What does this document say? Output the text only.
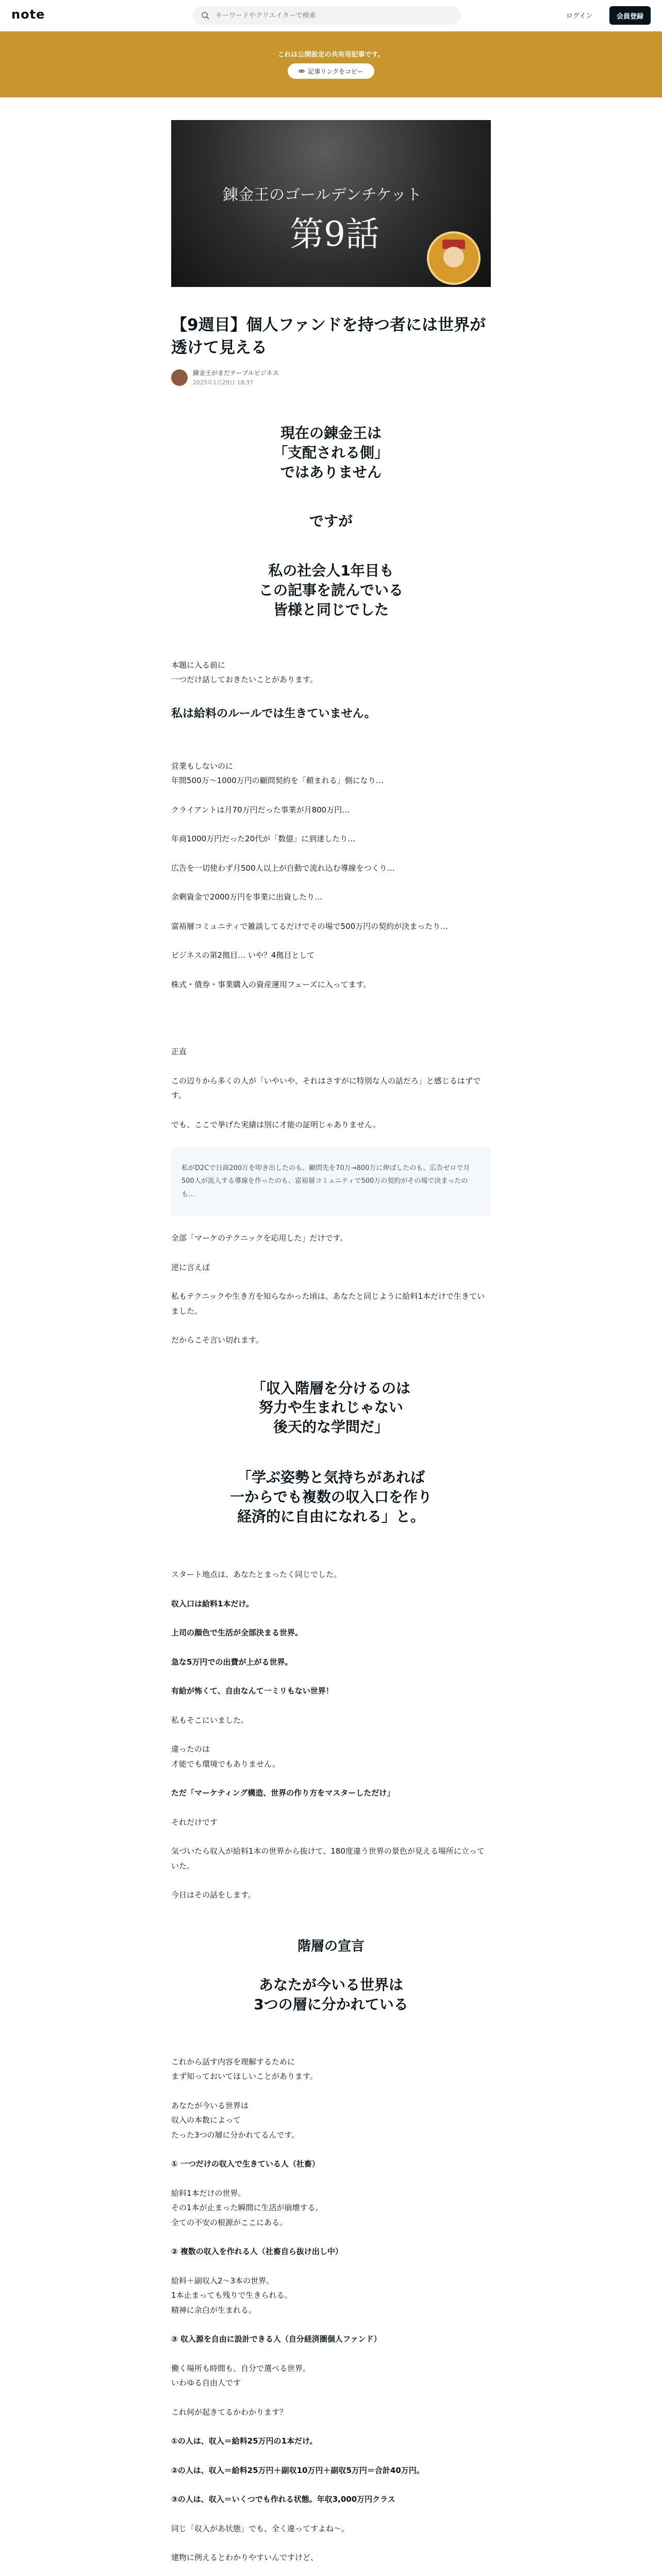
note
キーワードやクリエイターで検索	ログイン	会員登録
これは公開設定の共有用記事です。
記事リンクをコピー
錬金王のゴールデンチケット
第9話
【9週目】個人ファンドを持つ者には世界が透けて見える
錬金王がまだテーブルビジネス
2025年1月29日 18:37
現在の錬金王は
「支配される側」
ではありません
ですが
私の社会人1年目も
この記事を読んでいる
皆様と同じでした

本題に入る前に
一つだけ話しておきたいことがあります。

私は給料のルールでは生きていません。

営業もしないのに
年間500万〜1000万円の顧問契約を「頼まれる」側になり…

クライアントは月70万円だった事業が月800万円…

年商1000万円だった20代が「数億」に到達したり…

広告を一切使わず月500人以上が自動で流れ込む導線をつくり…

余剰資金で2000万円を事業に出資したり…

富裕層コミュニティで雑談してるだけでその場で500万円の契約が決まったり…

ビジネスの第2拠目… いや？4拠目として

株式・債券・事業購入の資産運用フェーズに入ってます。

正直

この辺りから多くの人が「いやいや、それはさすがに特別な人の話だろ」と感じるはずです。

でも、ここで挙げた実績は別に才能の証明じゃありません。

私がD2Cで日商200万を叩き出したのも、顧問先を70万→800万に伸ばしたのも、広告ゼロで月500人が流入する導線を作ったのも、富裕層コミュニティで500万の契約がその場で決まったのも…

全部「マーケのテクニックを応用した」だけです。

逆に言えば

私もテクニックや生き方を知らなかった頃は、あなたと同じように給料1本だけで生きていました。

だからこそ言い切れます。

「収入階層を分けるのは
努力や生まれじゃない
後天的な学問だ」
「学ぶ姿勢と気持ちがあれば
一からでも複数の収入口を作り
経済的に自由になれる」と。

スタート地点は、あなたとまったく同じでした。

収入口は給料1本だけ。

上司の顔色で生活が全部決まる世界。

急な5万円での出費が上がる世界。

有給が怖くて、自由なんて一ミリもない世界！

私もそこにいました。

違ったのは
才能でも環境でもありません。

ただ「マーケティング構造、世界の作り方をマスターしただけ」

それだけです

気づいたら収入が給料1本の世界から抜けて、180度違う世界の景色が見える場所に立っていた。

今日はその話をします。

階層の宣言
あなたが今いる世界は
3つの層に分かれている

これから話す内容を理解するために
まず知っておいてほしいことがあります。

あなたが今いる世界は
収入の本数によって
たった3つの層に分かれてるんです。

① 一つだけの収入で生きている人（社畜）

給料1本だけの世界。
その1本が止まった瞬間に生活が崩壊する。
全ての不安の根源がここにある。

② 複数の収入を作れる人（社畜自ら抜け出し中）

給料＋副収入2〜3本の世界。
1本止まっても残りで生きられる。
精神に余白が生まれる。

③ 収入源を自由に設計できる人（自分経済圏個人ファンド）

働く場所も時間も、自分で選べる世界。
いわゆる自由人です

これ何が起きてるかわかります？

①の人は、収入＝給料25万円の1本だけ。

②の人は、収入＝給料25万円＋副収10万円＋副収5万円＝合計40万円。

③の人は、収入＝いくつでも作れる状態。年収3,000万円クラス

同じ「収入があ状態」でも、全く違ってすよね〜。

建物に例えるとわかりやすいんですけど、
